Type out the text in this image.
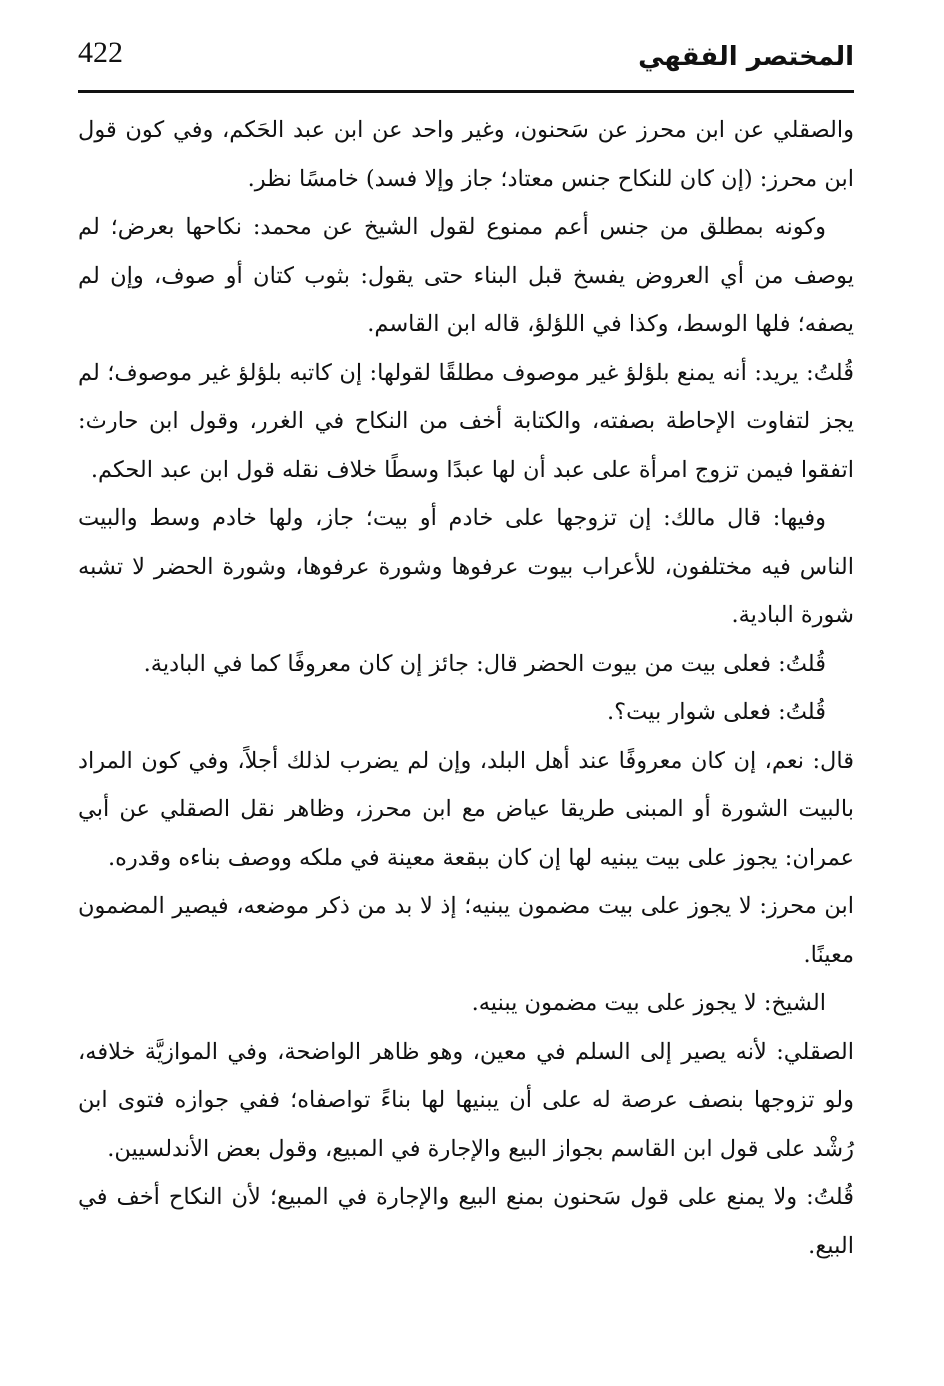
422	المختصر الفقهي

والصقلي عن ابن محرز عن سَحنون، وغير واحد عن ابن عبد الحَكم، وفي كون قول ابن محرز: (إن كان للنكاح جنس معتاد؛ جاز وإلا فسد) خامسًا نظر.

وكونه بمطلق من جنس أعم ممنوع لقول الشيخ عن محمد: نكاحها بعرض؛ لم يوصف من أي العروض يفسخ قبل البناء حتى يقول: بثوب كتان أو صوف، وإن لم يصفه؛ فلها الوسط، وكذا في اللؤلؤ، قاله ابن القاسم.

قُلتُ: يريد: أنه يمنع بلؤلؤ غير موصوف مطلقًا لقولها: إن كاتبه بلؤلؤ غير موصوف؛ لم يجز لتفاوت الإحاطة بصفته، والكتابة أخف من النكاح في الغرر، وقول ابن حارث: اتفقوا فيمن تزوج امرأة على عبد أن لها عبدًا وسطًا خلاف نقله قول ابن عبد الحكم.

وفيها: قال مالك: إن تزوجها على خادم أو بيت؛ جاز، ولها خادم وسط والبيت الناس فيه مختلفون، للأعراب بيوت عرفوها وشورة عرفوها، وشورة الحضر لا تشبه شورة البادية.

قُلتُ: فعلى بيت من بيوت الحضر قال: جائز إن كان معروفًا كما في البادية.

قُلتُ: فعلى شوار بيت؟.

قال: نعم، إن كان معروفًا عند أهل البلد، وإن لم يضرب لذلك أجلاً، وفي كون المراد بالبيت الشورة أو المبنى طريقا عياض مع ابن محرز، وظاهر نقل الصقلي عن أبي عمران: يجوز على بيت يبنيه لها إن كان ببقعة معينة في ملكه ووصف بناءه وقدره.

ابن محرز: لا يجوز على بيت مضمون يبنيه؛ إذ لا بد من ذكر موضعه، فيصير المضمون معينًا.

الشيخ: لا يجوز على بيت مضمون يبنيه.

الصقلي: لأنه يصير إلى السلم في معين، وهو ظاهر الواضحة، وفي الموازيَّة خلافه، ولو تزوجها بنصف عرصة له على أن يبنيها لها بناءً تواصفاه؛ ففي جوازه فتوى ابن رُشْد على قول ابن القاسم بجواز البيع والإجارة في المبيع، وقول بعض الأندلسيين.

قُلتُ: ولا يمنع على قول سَحنون بمنع البيع والإجارة في المبيع؛ لأن النكاح أخف في البيع.
